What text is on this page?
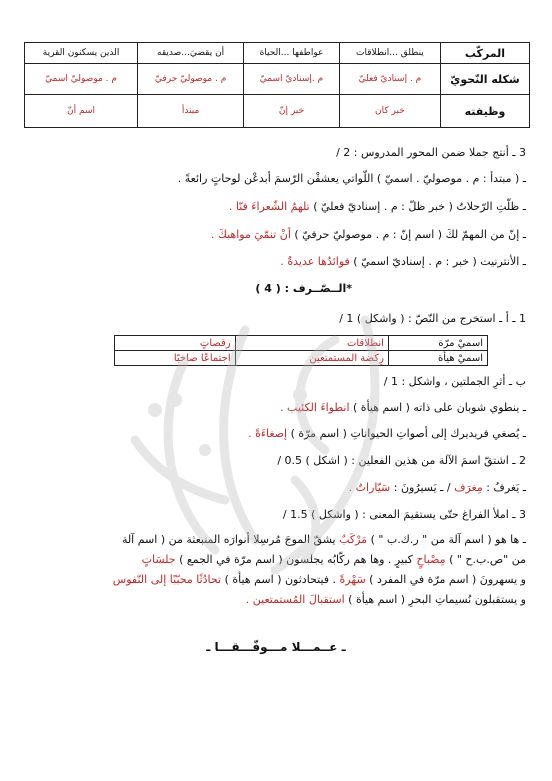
المركّب	ينطلق ...انطلاقات	عواطفها ...الحياة	أن يقضيَ...صديقه	الذين يسكنون القرية
شكله النّحويّ	م . إسناديّ فعليّ	م .إسناديّ اسميّ	م . موصوليّ حرفيّ	م . موصوليّ اسميّ
وظيفته	خبر كان	خبر إنّ	مبتدأ	اسم أنّ
3 ـ أنتج جملا ضمن المحور المدروس : 2 /
ـ ( مبتدأ : م . موصوليّ . اسميّ ) اللّواتي يعشقْن الرّسمَ أبدعْن لوحاتٍ رائعةً .
ـ ظلّتِ الرّحلاتُ ( خبر ظلّ : م . إسناديّ فعليّ ) تلهمُ الشّعراءَ فنّا .
ـ إنّ من المهمّ لكَ ( اسم إنّ : م . موصوليّ حرفيّ ) أنْ تنمّيَ مواهبكَ .
ـ الأنترنيت ( خبر : م . إسناديّ اسميّ ) فوائدُها عديدةٌ .
*الــصّــرف : ( 4 )
1 ـ أ ـ استخرج من النّصّ : ( واشكل ) 1 /
اسميْ مرّة	انطلاقات	رقصاتٍ
اسميْ هيأة	رِكضة المستمتعين	اجتماعًا صاخبًا
ب ـ أثرِ الجملتين ، واشكل : 1 /
ـ ينطوي شوبان على ذاته ( اسم هيأة ) انطواءَ الكئيب .
ـ يُصغي فريديرك إلى أصواتِ الحيواناتِ ( اسم مرّة ) إصغاءَةً .
2 ـ اشتقّ اسمَ الآلة من هذين الفعلين : ( اشكل ) 0.5 /
ـ يَغرفُ : مِغرَف / ـ يَسيرُونَ : سَيّاراتٌ .
3 ـ املأ الفراغ حتّى يستقيمَ المعنى : ( واشكل ) 1.5 /
ـ ها هو ( اسم آلة من " ر.ك.ب " ) مَرْكَبٌ يشقّ الموجَ مُرسِلا أنوارَه المنبعثة من ( اسم آلة
من "ص.ب.ح " ) مِصْباحٍ كبيرٍ . وها هم ركّابُه يجلسون ( اسم مرّة في الجمع ) جلسَاتٍ
و يسهرونَ ( اسم مرّة في المفرد ) سَهْرةً . فيتحادثون ( اسم هيأة ) تحادُثًا محبّبًا إلى النّفوس
و يستقبلون نُسيماتِ البحرِ ( اسم هيأة ) استقبالَ المُستمتعين .
ـ عــمـــلا مـــوفّـــقـــا ـ
